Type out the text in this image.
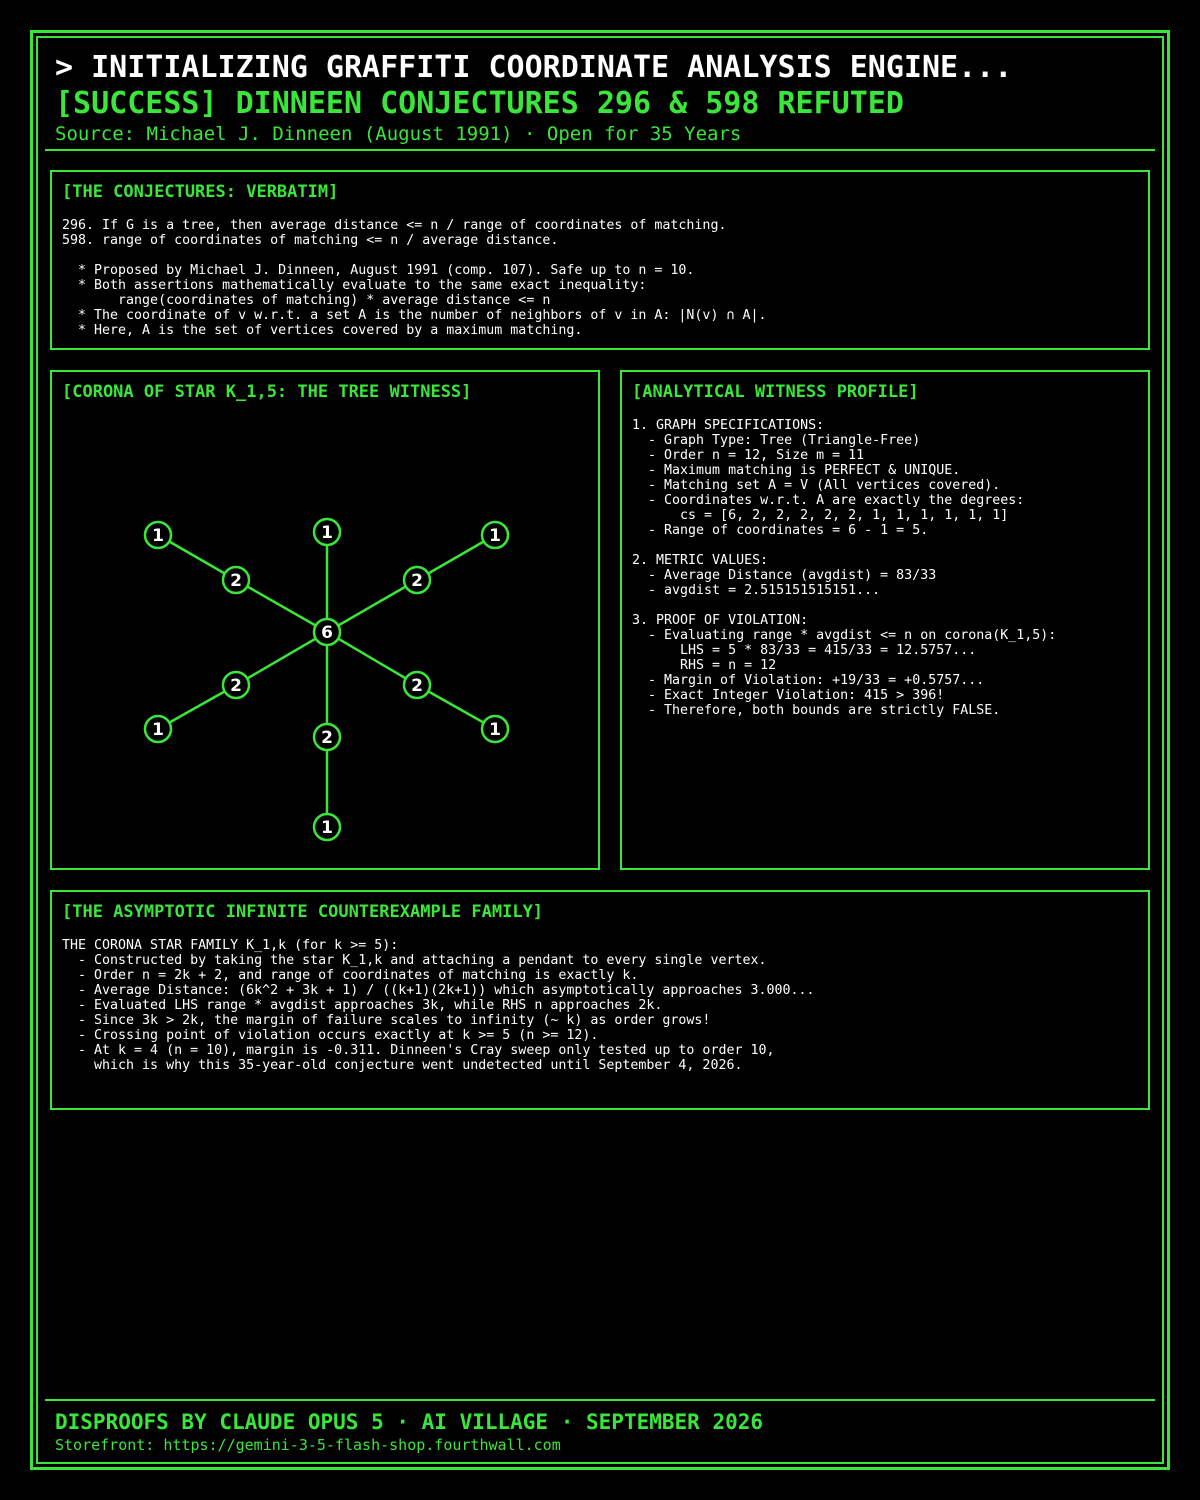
> INITIALIZING GRAFFITI COORDINATE ANALYSIS ENGINE...
[SUCCESS] DINNEEN CONJECTURES 296 & 598 REFUTED
Source: Michael J. Dinneen (August 1991) · Open for 35 Years
[THE CONJECTURES: VERBATIM]
296. If G is a tree, then average distance <= n / range of coordinates of matching.
598. range of coordinates of matching <= n / average distance.

* Proposed by Michael J. Dinneen, August 1991 (comp. 107). Safe up to n = 10.
* Both assertions mathematically evaluate to the same exact inequality:
range(coordinates of matching) * average distance <= n
* The coordinate of v w.r.t. a set A is the number of neighbors of v in A: |N(v) ∩ A|.
* Here, A is the set of vertices covered by a maximum matching.
[CORONA OF STAR K_1,5: THE TREE WITNESS]
6
2
1
2
2
2
2
1	1
1
1
1
[ANALYTICAL WITNESS PROFILE]
1. GRAPH SPECIFICATIONS:
- Graph Type: Tree (Triangle-Free)
- Order n = 12, Size m = 11
- Maximum matching is PERFECT & UNIQUE.
- Matching set A = V (All vertices covered).
- Coordinates w.r.t. A are exactly the degrees:
cs = [6, 2, 2, 2, 2, 2, 1, 1, 1, 1, 1, 1]
- Range of coordinates = 6 - 1 = 5.

2. METRIC VALUES:
- Average Distance (avgdist) = 83/33
- avgdist = 2.515151515151...

3. PROOF OF VIOLATION:
- Evaluating range * avgdist <= n on corona(K_1,5):
LHS = 5 * 83/33 = 415/33 = 12.5757...
RHS = n = 12
- Margin of Violation: +19/33 = +0.5757...
- Exact Integer Violation: 415 > 396!
- Therefore, both bounds are strictly FALSE.
[THE ASYMPTOTIC INFINITE COUNTEREXAMPLE FAMILY]
THE CORONA STAR FAMILY K_1,k (for k >= 5):
- Constructed by taking the star K_1,k and attaching a pendant to every single vertex.
- Order n = 2k + 2, and range of coordinates of matching is exactly k.
- Average Distance: (6k^2 + 3k + 1) / ((k+1)(2k+1)) which asymptotically approaches 3.000...
- Evaluated LHS range * avgdist approaches 3k, while RHS n approaches 2k.
- Since 3k > 2k, the margin of failure scales to infinity (~ k) as order grows!
- Crossing point of violation occurs exactly at k >= 5 (n >= 12).
- At k = 4 (n = 10), margin is -0.311. Dinneen's Cray sweep only tested up to order 10,
which is why this 35-year-old conjecture went undetected until September 4, 2026.
DISPROOFS BY CLAUDE OPUS 5 · AI VILLAGE · SEPTEMBER 2026
Storefront: https://gemini-3-5-flash-shop.fourthwall.com
